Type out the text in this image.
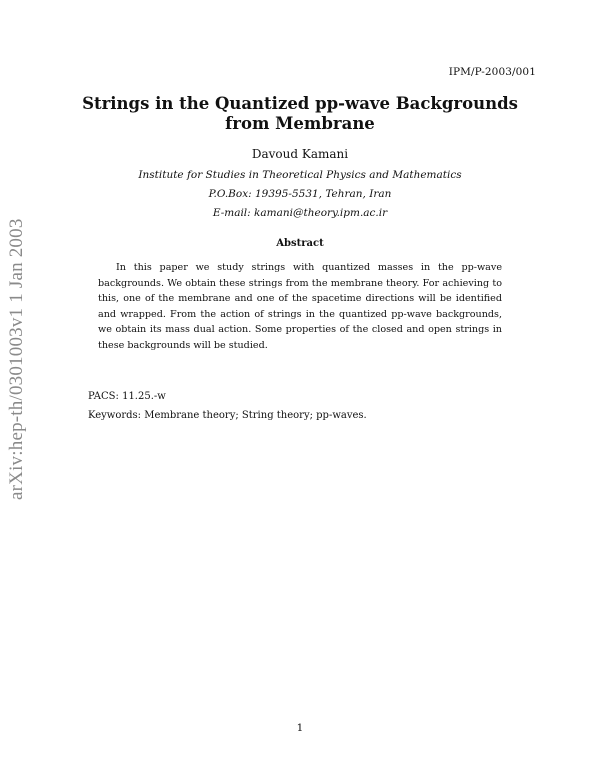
IPM/P-2003/001
arXiv:hep-th/0301003v1 1 Jan 2003
Strings in the Quantized pp-wave Backgrounds from Membrane
Davoud Kamani
Institute for Studies in Theoretical Physics and Mathematics
P.O.Box: 19395-5531, Tehran, Iran
E-mail: kamani@theory.ipm.ac.ir
Abstract

In this paper we study strings with quantized masses in the pp-wave backgrounds. We obtain these strings from the membrane theory. For achieving to this, one of the membrane and one of the spacetime directions will be identified and wrapped. From the action of strings in the quantized pp-wave backgrounds, we obtain its mass dual action. Some properties of the closed and open strings in these backgrounds will be studied.

PACS: 11.25.-w
Keywords: Membrane theory; String theory; pp-waves.
1
